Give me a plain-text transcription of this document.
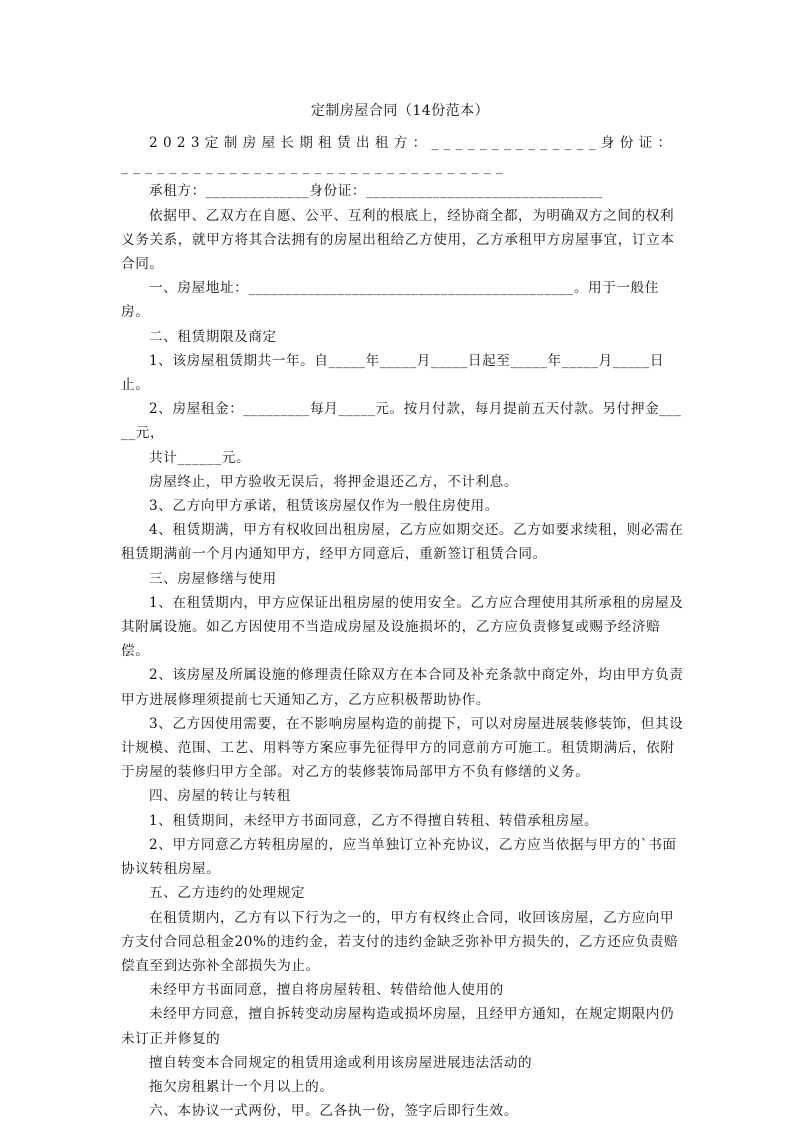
定制房屋合同（14份范本）

2023定制房屋长期租赁出租方：______________身份证：________________________________

承租方：______________身份证：________________________________

依据甲、乙双方在自愿、公平、互利的根底上，经协商全都，为明确双方之间的权利义务关系，就甲方将其合法拥有的房屋出租给乙方使用，乙方承租甲方房屋事宜，订立本合同。

一、房屋地址：____________________________________________。用于一般住房。

二、租赁期限及商定

1、该房屋租赁期共一年。自_____年_____月_____日起至_____年_____月_____日止。

2、房屋租金：_________每月_____元。按月付款，每月提前五天付款。另付押金_____元，

共计______元。

房屋终止，甲方验收无误后，将押金退还乙方，不计利息。

3、乙方向甲方承诺，租赁该房屋仅作为一般住房使用。

4、租赁期满，甲方有权收回出租房屋，乙方应如期交还。乙方如要求续租，则必需在租赁期满前一个月内通知甲方，经甲方同意后，重新签订租赁合同。

三、房屋修缮与使用

1、在租赁期内，甲方应保证出租房屋的使用安全。乙方应合理使用其所承租的房屋及其附属设施。如乙方因使用不当造成房屋及设施损坏的，乙方应负责修复或赐予经济赔偿。

2、该房屋及所属设施的修理责任除双方在本合同及补充条款中商定外，均由甲方负责甲方进展修理须提前七天通知乙方，乙方应积极帮助协作。

3、乙方因使用需要，在不影响房屋构造的前提下，可以对房屋进展装修装饰，但其设计规模、范围、工艺、用料等方案应事先征得甲方的同意前方可施工。租赁期满后，依附于房屋的装修归甲方全部。对乙方的装修装饰局部甲方不负有修缮的义务。

四、房屋的转让与转租

1、租赁期间，未经甲方书面同意，乙方不得擅自转租、转借承租房屋。

2、甲方同意乙方转租房屋的，应当单独订立补充协议，乙方应当依据与甲方的`书面协议转租房屋。

五、乙方违约的处理规定

在租赁期内，乙方有以下行为之一的，甲方有权终止合同，收回该房屋，乙方应向甲方支付合同总租金20%的违约金，若支付的违约金缺乏弥补甲方损失的，乙方还应负责赔偿直至到达弥补全部损失为止。

未经甲方书面同意，擅自将房屋转租、转借给他人使用的

未经甲方同意，擅自拆转变动房屋构造或损坏房屋，且经甲方通知，在规定期限内仍未订正并修复的

擅自转变本合同规定的租赁用途或利用该房屋进展违法活动的

拖欠房租累计一个月以上的。

六、本协议一式两份，甲。乙各执一份，签字后即行生效。
